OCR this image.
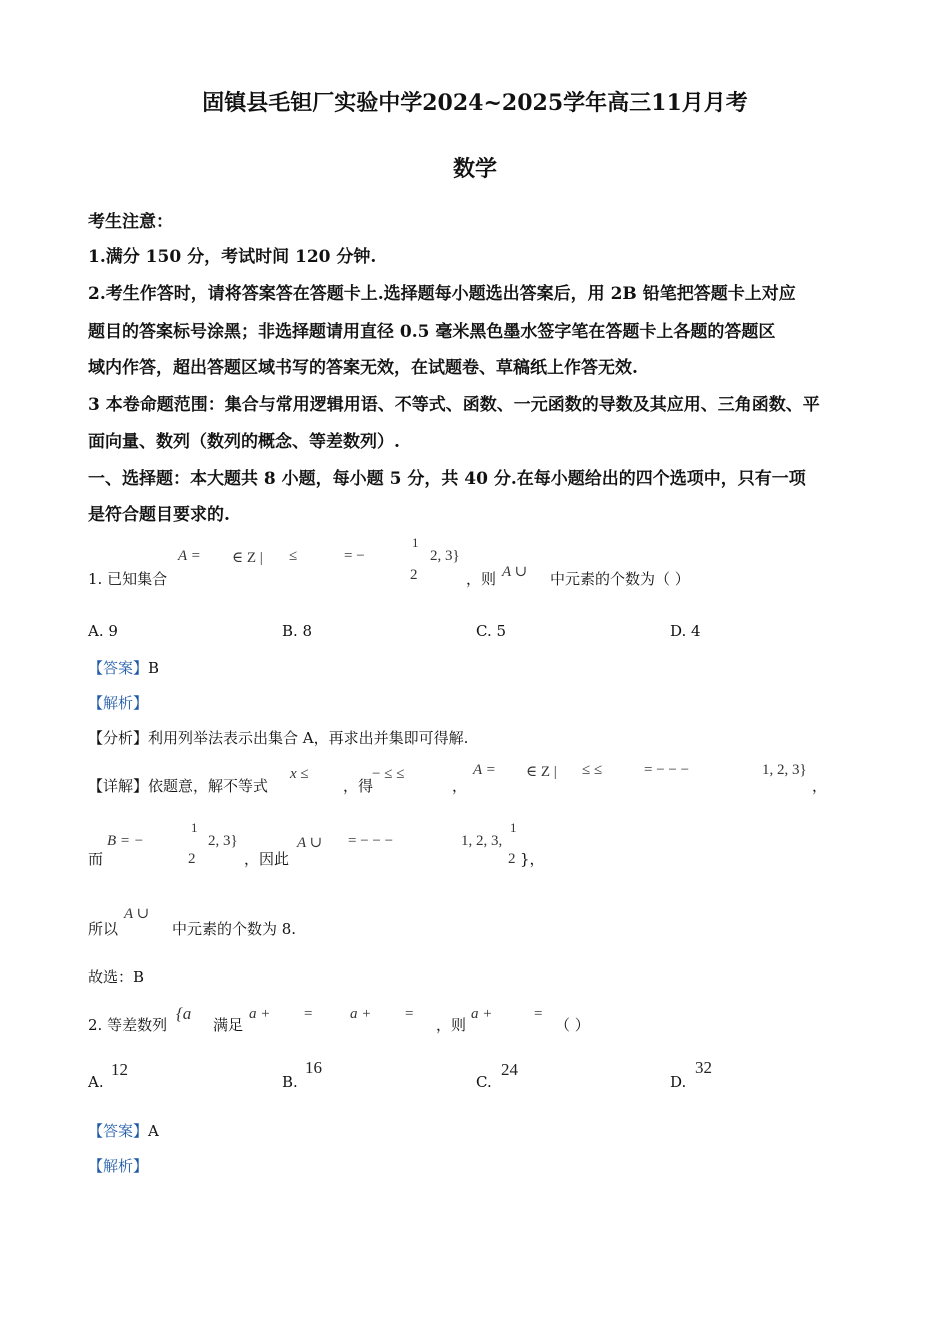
固镇县毛钽厂实验中学2024~2025学年高三11月月考
数学
考生注意：
1.满分 150 分，考试时间 120 分钟.
2.考生作答时，请将答案答在答题卡上.选择题每小题选出答案后，用 2B 铅笔把答题卡上对应
题目的答案标号涂黑；非选择题请用直径 0.5 毫米黑色墨水签字笔在答题卡上各题的答题区
域内作答，超出答题区域书写的答案无效，在试题卷、草稿纸上作答无效.
3 本卷命题范围：集合与常用逻辑用语、不等式、函数、一元函数的导数及其应用、三角函数、平
面向量、数列（数列的概念、等差数列）.
一、选择题：本大题共 8 小题，每小题 5 分，共 40 分.在每小题给出的四个选项中，只有一项
是符合题目要求的.
1. 已知集合
A = ∈ Z | ≤	= −
1
2
2, 3}
，则 A ∪ 中元素的个数为（ ）
A. 9	B. 8	C. 5	D. 4
【答案】B
【解析】
【分析】利用列举法表示出集合 A，再求出并集即可得解.
【详解】依题意，解不等式
x ≤
，得
− ≤ ≤
，
A = ∈ Z | ≤ ≤	= − − −	1, 2, 3}
，
而
B = −
1
2
2, 3}
，因此
A ∪ = − − −	1, 2, 3,
1
2 }，
所以
A ∪
中元素的个数为 8.
故选：B
2. 等差数列
{a
满足
a + =	a + =
，则
a +	=
（ ）
A.
12
B.
16
C.
24
D.
32
【答案】A
【解析】
